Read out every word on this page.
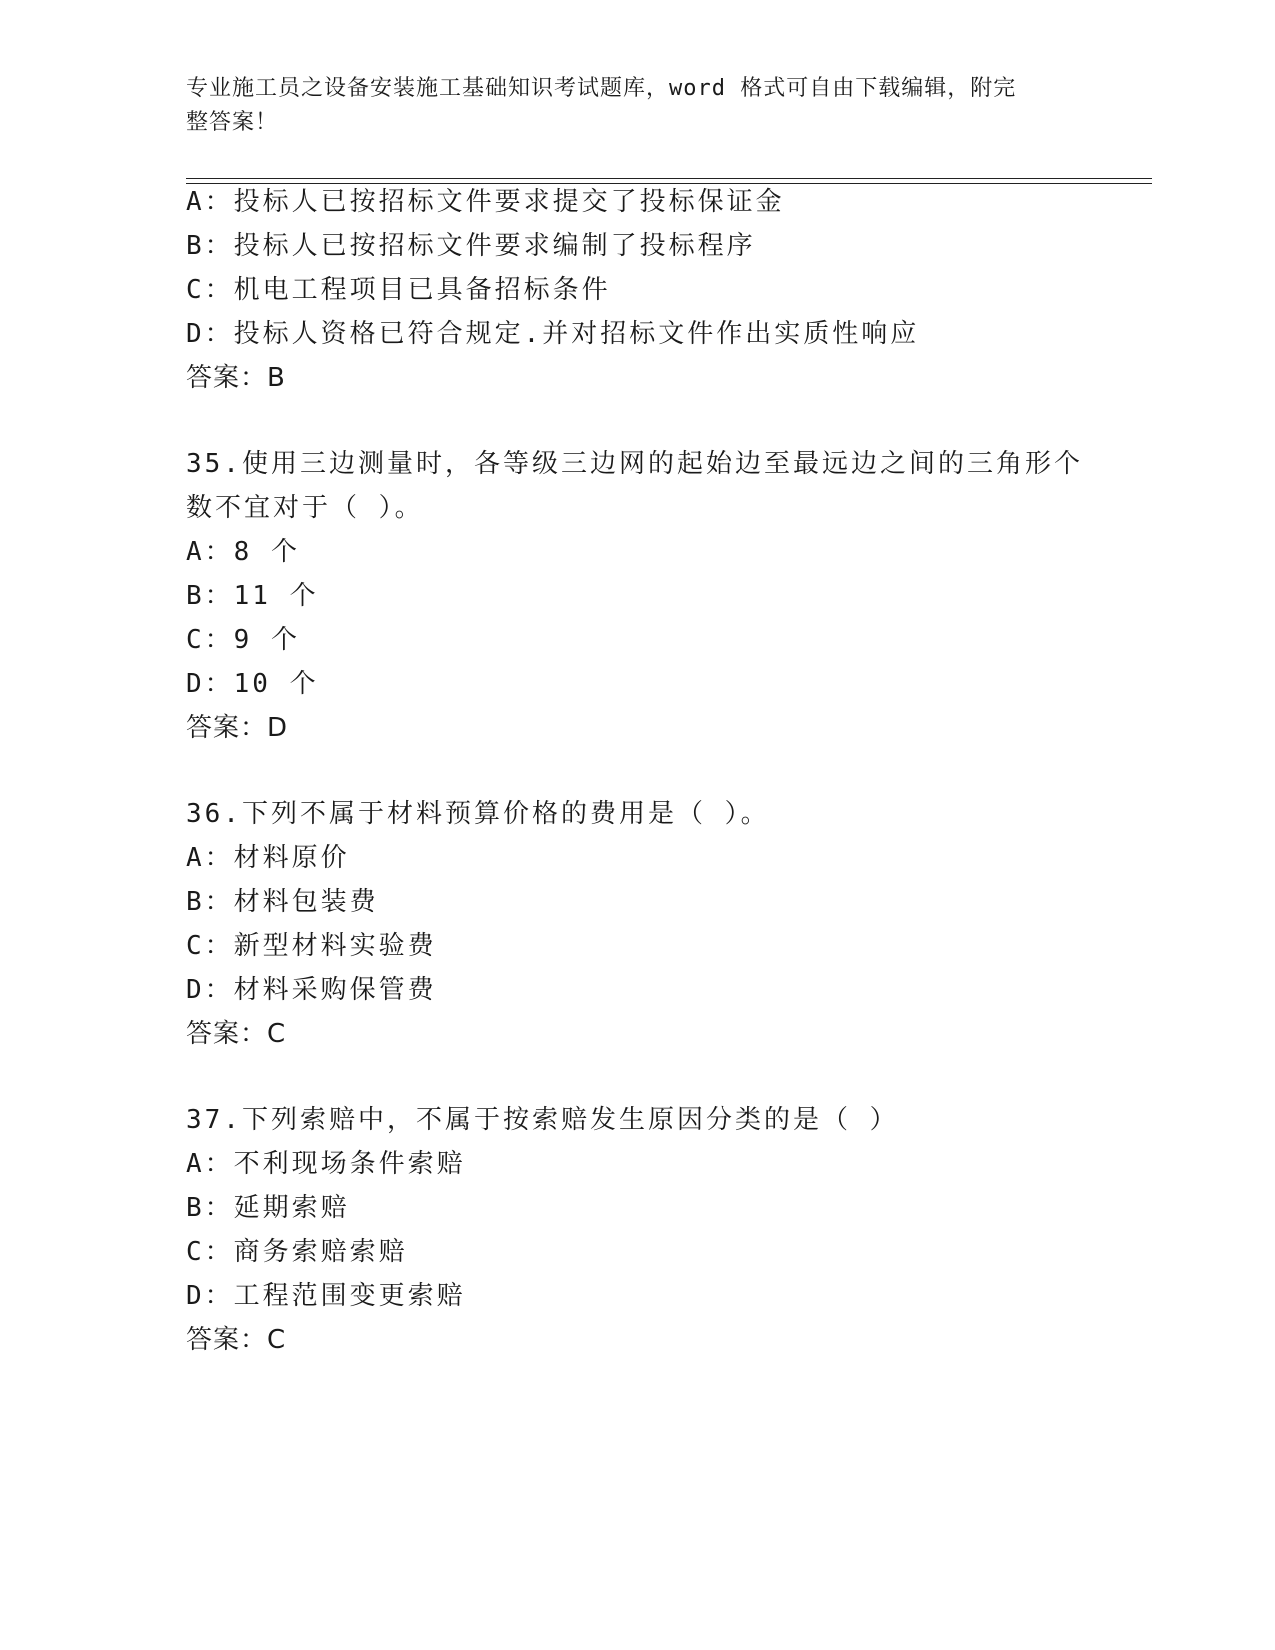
专业施工员之设备安装施工基础知识考试题库，word 格式可自由下载编辑，附完
整答案！
A：投标人已按招标文件要求提交了投标保证金
B：投标人已按招标文件要求编制了投标程序
C：机电工程项目已具备招标条件
D：投标人资格已符合规定.并对招标文件作出实质性响应
答案：B
35.使用三边测量时，各等级三边网的起始边至最远边之间的三角形个
数不宜对于（ ）。
A：8 个
B：11 个
C：9 个
D：10 个
答案：D
36.下列不属于材料预算价格的费用是（ ）。
A：材料原价
B：材料包装费
C：新型材料实验费
D：材料采购保管费
答案：C
37.下列索赔中，不属于按索赔发生原因分类的是（ ）
A：不利现场条件索赔
B：延期索赔
C：商务索赔索赔
D：工程范围变更索赔
答案：C
